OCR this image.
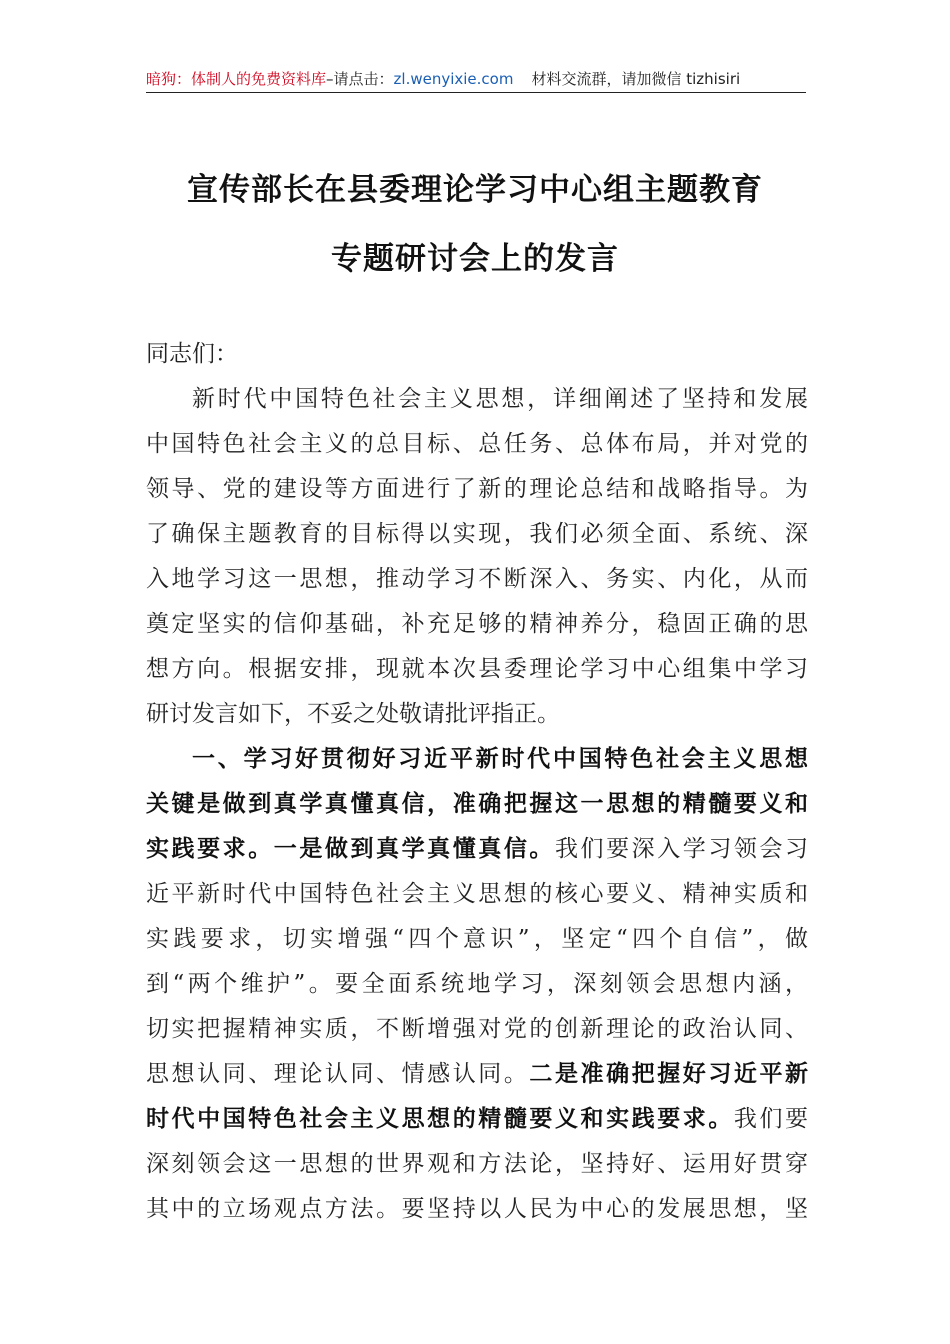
暗狗：体制人的免费资料库–请点击：zl.wenyixie.com 材料交流群，请加微信 tizhisiri
宣传部长在县委理论学习中心组主题教育
专题研讨会上的发言
同志们：
新时代中国特色社会主义思想，详细阐述了坚持和发展
中国特色社会主义的总目标、总任务、总体布局，并对党的
领导、党的建设等方面进行了新的理论总结和战略指导。为
了确保主题教育的目标得以实现，我们必须全面、系统、深
入地学习这一思想，推动学习不断深入、务实、内化，从而
奠定坚实的信仰基础，补充足够的精神养分，稳固正确的思
想方向。根据安排，现就本次县委理论学习中心组集中学习
研讨发言如下，不妥之处敬请批评指正。
一、学习好贯彻好习近平新时代中国特色社会主义思想
关键是做到真学真懂真信，准确把握这一思想的精髓要义和
实践要求。一是做到真学真懂真信。我们要深入学习领会习
近平新时代中国特色社会主义思想的核心要义、精神实质和
实践要求，切实增强“四个意识”，坚定“四个自信”，做
到“两个维护”。要全面系统地学习，深刻领会思想内涵，
切实把握精神实质，不断增强对党的创新理论的政治认同、
思想认同、理论认同、情感认同。二是准确把握好习近平新
时代中国特色社会主义思想的精髓要义和实践要求。我们要
深刻领会这一思想的世界观和方法论，坚持好、运用好贯穿
其中的立场观点方法。要坚持以人民为中心的发展思想，坚
